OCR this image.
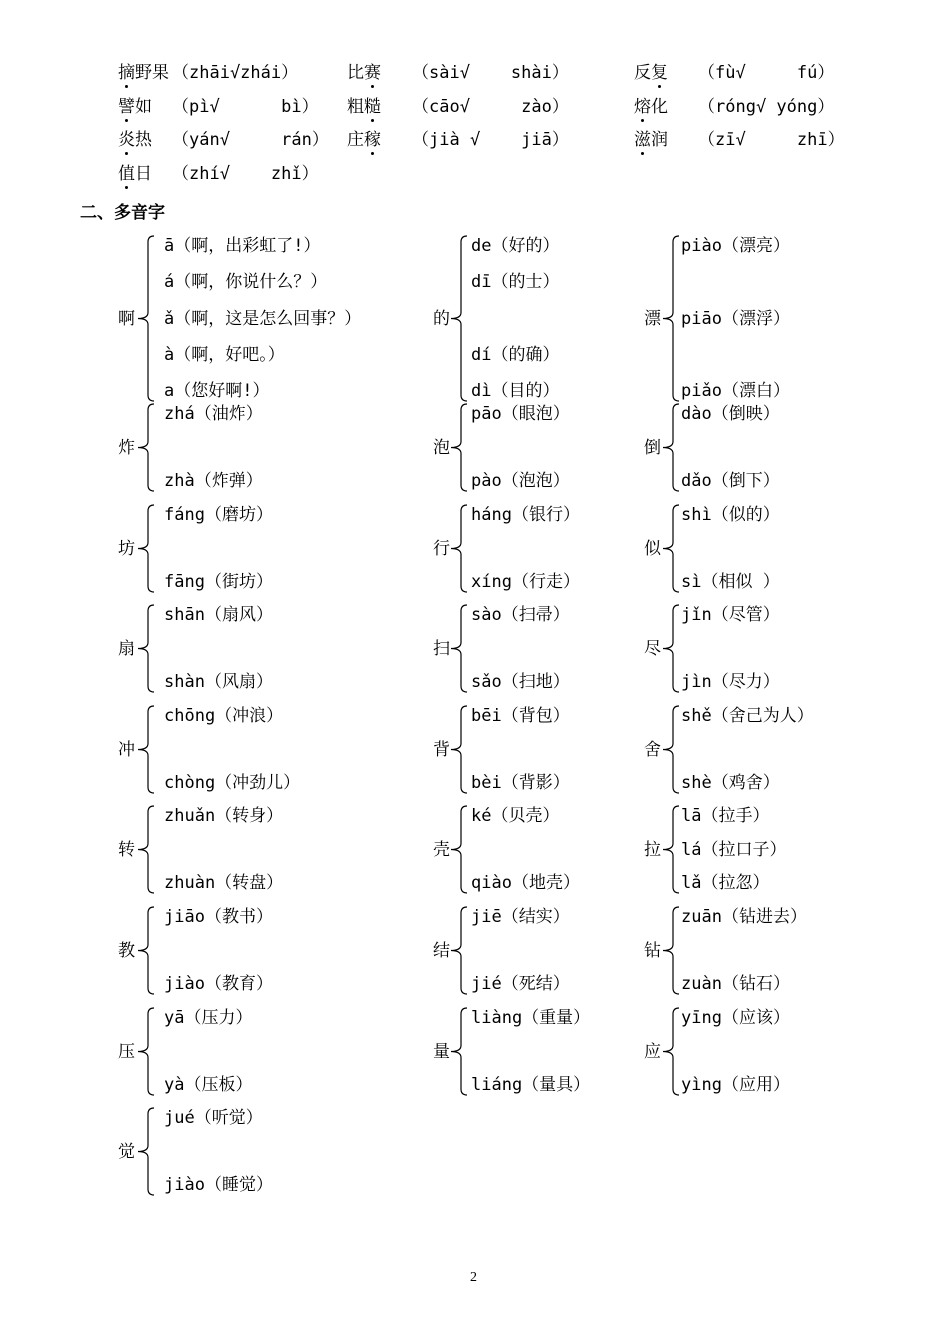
摘野果 （zhāi√zhái）	比赛 （sài√    shài）	反复 （fù√     fú）
譬如 （pì√      bì） 粗糙 （cāo√     zào）	熔化 （róng√ yóng）
炎热 （yán√     rán） 庄稼 （jià √    jiā）	滋润 （zī√     zhī）
值日 （zhí√    zhǐ）
二、多音字
啊
ā（啊，出彩虹了!）
á（啊，你说什么？）
ǎ（啊，这是怎么回事？）
à（啊，好吧。）
a（您好啊!）
的
de（好的）
dī（的士）
dí（的确）
dì（目的）
漂
piào（漂亮）
piāo（漂浮）
piǎo（漂白）
炸
zhá（油炸）
zhà（炸弹）
泡
pāo（眼泡）
pào（泡泡）
倒
dào（倒映）
dǎo（倒下）
坊
fáng（磨坊）
fāng（街坊）
行
háng（银行）
xíng（行走）
似
shì（似的）
sì（相似 ）
扇
shān（扇风）
shàn（风扇）
扫
sào（扫帚）
sǎo（扫地）
尽
jǐn（尽管）
jìn（尽力）
冲
chōng（冲浪）
chòng（冲劲儿）
背
bēi（背包）
bèi（背影）
舍
shě（舍己为人）
shè（鸡舍）
转
zhuǎn（转身）
zhuàn（转盘）
壳
ké（贝壳）
qiào（地壳）
拉
lā（拉手）
lá（拉口子）
lǎ（拉忽）
教
jiāo（教书）
jiào（教育）
结
jiē（结实）
jié（死结）
钻
zuān（钻进去）
zuàn（钻石）
压
yā（压力）
yà（压板）
量
liàng（重量）
liáng（量具）
应
yīng（应该）
yìng（应用）
觉
jué（听觉）
jiào（睡觉）
2
